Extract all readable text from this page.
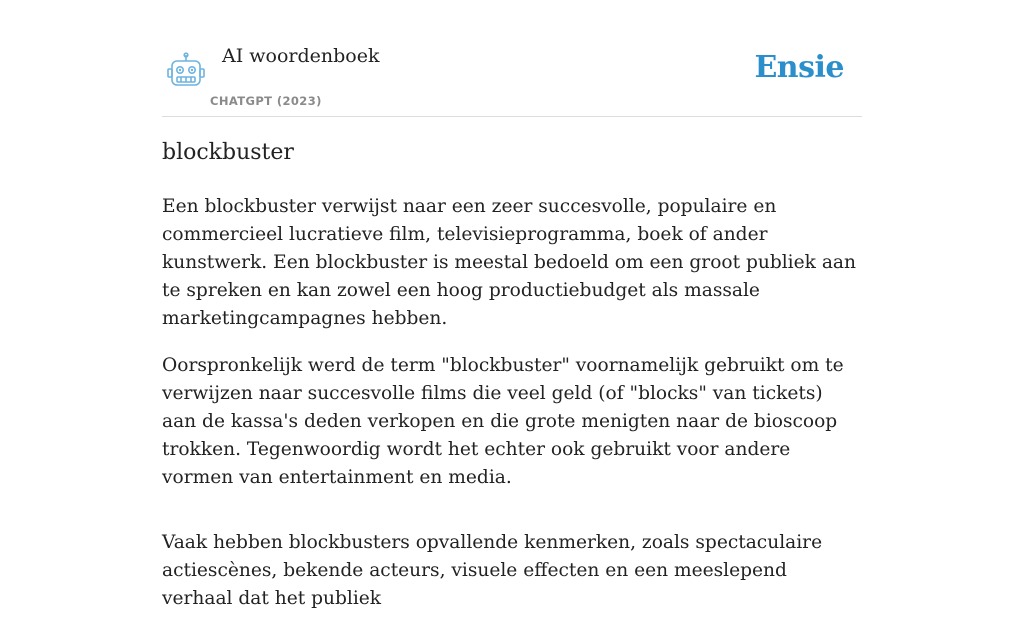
AI woordenboek
CHATGPT (2023)
Ensie
blockbuster

Een blockbuster verwijst naar een zeer succesvolle, populaire en commercieel lucratieve film, televisieprogramma, boek of ander kunstwerk. Een blockbuster is meestal bedoeld om een groot publiek aan te spreken en kan zowel een hoog productiebudget als massale marketingcampagnes hebben.

Oorspronkelijk werd de term "blockbuster" voornamelijk gebruikt om te verwijzen naar succesvolle films die veel geld (of "blocks" van tickets) aan de kassa's deden verkopen en die grote menigten naar de bioscoop trokken. Tegenwoordig wordt het echter ook gebruikt voor andere vormen van entertainment en media.

Vaak hebben blockbusters opvallende kenmerken, zoals spectaculaire actiescènes, bekende acteurs, visuele effecten en een meeslepend verhaal dat het publiek
